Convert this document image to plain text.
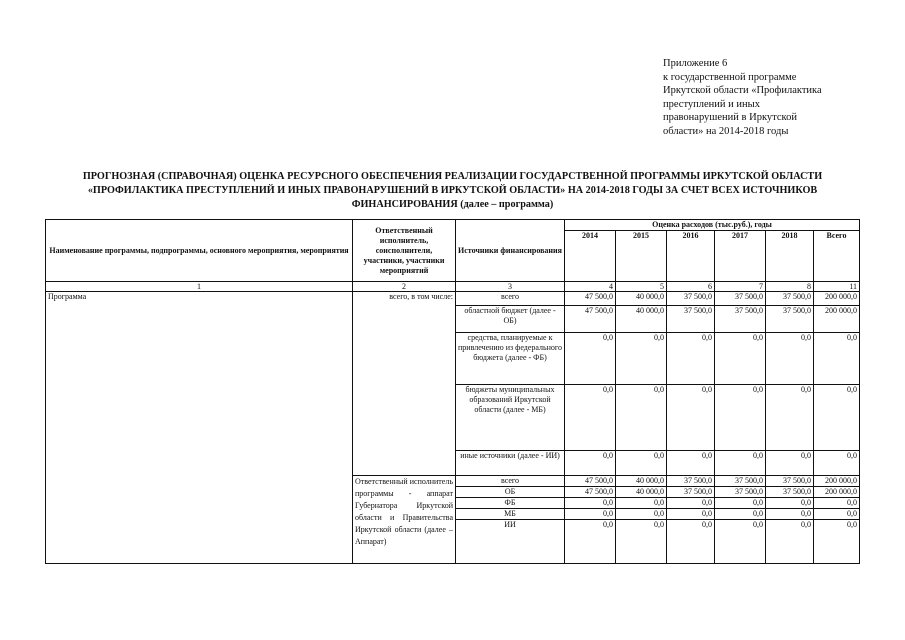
Приложение 6
к государственной программе
Иркутской области «Профилактика
преступлений и иных
правонарушений в Иркутской
области» на 2014-2018 годы
ПРОГНОЗНАЯ (СПРАВОЧНАЯ) ОЦЕНКА РЕСУРСНОГО ОБЕСПЕЧЕНИЯ РЕАЛИЗАЦИИ ГОСУДАРСТВЕННОЙ ПРОГРАММЫ ИРКУТСКОЙ ОБЛАСТИ
«ПРОФИЛАКТИКА ПРЕСТУПЛЕНИЙ И ИНЫХ ПРАВОНАРУШЕНИЙ В ИРКУТСКОЙ ОБЛАСТИ» НА 2014-2018 ГОДЫ ЗА СЧЕТ ВСЕХ ИСТОЧНИКОВ
ФИНАНСИРОВАНИЯ (далее – программа)
Наименование программы, подпрограммы, основного мероприятия, мероприятия	Ответственный исполнитель, соисполнители, участники, участники мероприятий	Источники финансирования	Оценка расходов (тыс.руб.), годы					
			2014	2015	2016	2017	2018	Всего
1	2	3	4	5	6	7	8	11
Программа	всего, в том числе:	всего	47 500,0	40 000,0	37 500,0	37 500,0	37 500,0	200 000,0
		областной бюджет (далее - ОБ)	47 500,0	40 000,0	37 500,0	37 500,0	37 500,0	200 000,0
		средства, планируемые к привлечению из федерального бюджета (далее - ФБ)	0,0	0,0	0,0	0,0	0,0	0,0
		бюджеты муниципальных образований Иркутской области (далее - МБ)	0,0	0,0	0,0	0,0	0,0	0,0
		иные источники (далее - ИИ)	0,0	0,0	0,0	0,0	0,0	0,0
	Ответственный исполнитель программы - аппарат Губернатора Иркутской области и Правительства Иркутской области (далее – Аппарат)	всего	47 500,0	40 000,0	37 500,0	37 500,0	37 500,0	200 000,0
		ОБ	47 500,0	40 000,0	37 500,0	37 500,0	37 500,0	200 000,0
		ФБ	0,0	0,0	0,0	0,0	0,0	0,0
		МБ	0,0	0,0	0,0	0,0	0,0	0,0
		ИИ	0,0	0,0	0,0	0,0	0,0	0,0
